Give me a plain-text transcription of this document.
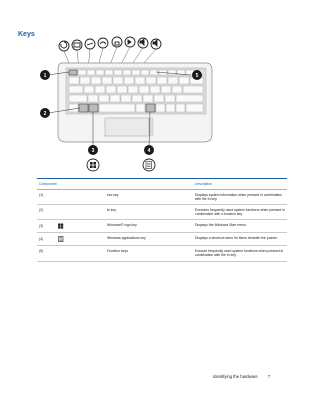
Keys
1	5
2
3	4
Component		Description
(1)	esc key	Displays system information when pressed in combination with the fn key.
(2)	fn key	Executes frequently used system functions when pressed in combination with a function key.
(3)	Windows® logo key	Displays the Windows Start menu.
(4)	Windows applications key	Displays a shortcut menu for items beneath the pointer.
(5)	Function keys	Execute frequently used system functions when pressed in combination with the fn key.
Identifying the hardware 7
